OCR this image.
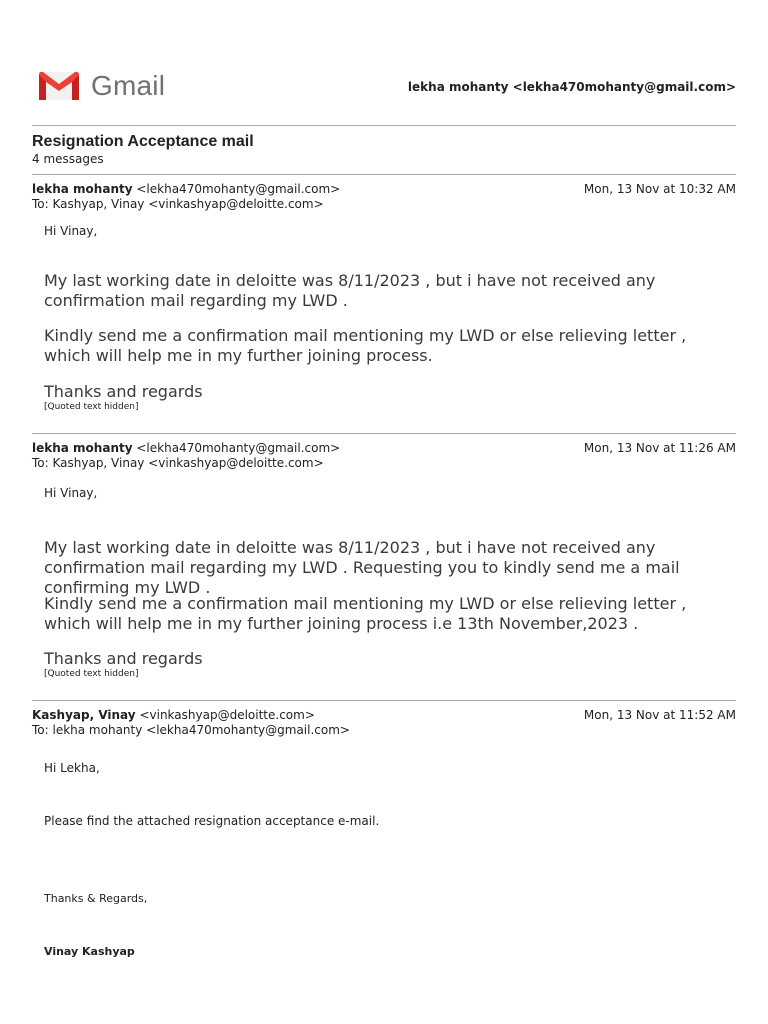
Gmail	lekha mohanty <lekha470mohanty@gmail.com>
Resignation Acceptance mail
4 messages
lekha mohanty <lekha470mohanty@gmail.com>
To: Kashyap, Vinay <vinkashyap@deloitte.com>
Mon, 13 Nov at 10:32 AM
Hi Vinay,
My last working date in deloitte was 8/11/2023 , but i have not received any confirmation mail regarding my LWD .
Kindly send me a confirmation mail mentioning my LWD or else relieving letter , which will help me in my further joining process.
Thanks and regards
[Quoted text hidden]
lekha mohanty <lekha470mohanty@gmail.com>
To: Kashyap, Vinay <vinkashyap@deloitte.com>
Mon, 13 Nov at 11:26 AM
Hi Vinay,
My last working date in deloitte was 8/11/2023 , but i have not received any confirmation mail regarding my LWD . Requesting you to kindly send me a mail confirming my LWD .
Kindly send me a confirmation mail mentioning my LWD or else relieving letter , which will help me in my further joining process i.e 13th November,2023 .
Thanks and regards
[Quoted text hidden]
Kashyap, Vinay <vinkashyap@deloitte.com>
To: lekha mohanty <lekha470mohanty@gmail.com>
Mon, 13 Nov at 11:52 AM
Hi Lekha,
Please find the attached resignation acceptance e-mail.
Thanks & Regards,
Vinay Kashyap
